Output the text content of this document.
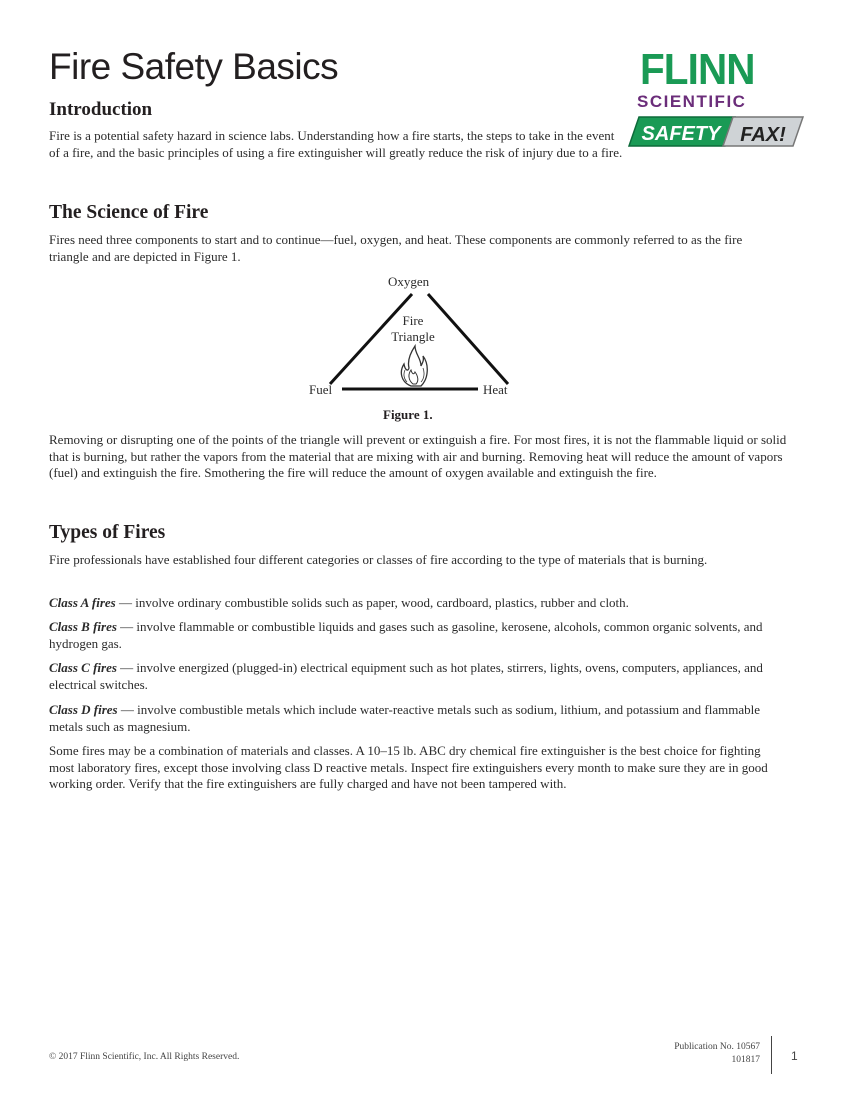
Fire Safety Basics	FLINN
SCIENTIFIC
SAFETY FAX!
Introduction

Fire is a potential safety hazard in science labs. Understanding how a fire starts, the steps to take in the event of a fire, and the basic principles of using a fire extinguisher will greatly reduce the risk of injury due to a fire.

The Science of Fire

Fires need three components to start and to continue—fuel, oxygen, and heat. These components are commonly referred to as the fire triangle and are depicted in Figure 1.

Oxygen
Fuel	Heat
Fire
Triangle
Figure 1.

Removing or disrupting one of the points of the triangle will prevent or extinguish a fire. For most fires, it is not the flammable liquid or solid that is burning, but rather the vapors from the material that are mixing with air and burning. Removing heat will reduce the amount of vapors (fuel) and extinguish the fire. Smothering the fire will reduce the amount of oxygen available and extinguish the fire.

Types of Fires

Fire professionals have established four different categories or classes of fire according to the type of materials that is burning.

Class A fires — involve ordinary combustible solids such as paper, wood, cardboard, plastics, rubber and cloth.

Class B fires — involve flammable or combustible liquids and gases such as gasoline, kerosene, alcohols, common organic solvents, and hydrogen gas.

Class C fires — involve energized (plugged-in) electrical equipment such as hot plates, stirrers, lights, ovens, computers, appliances, and electrical switches.

Class D fires — involve combustible metals which include water-reactive metals such as sodium, lithium, and potassium and flammable metals such as magnesium.

Some fires may be a combination of materials and classes. A 10–15 lb. ABC dry chemical fire extinguisher is the best choice for fighting most laboratory fires, except those involving class D reactive metals. Inspect fire extinguishers every month to make sure they are in good working order. Verify that the fire extinguishers are fully charged and have not been tampered with.

© 2017 Flinn Scientific, Inc. All Rights Reserved.
Publication No. 10567
101817	1
